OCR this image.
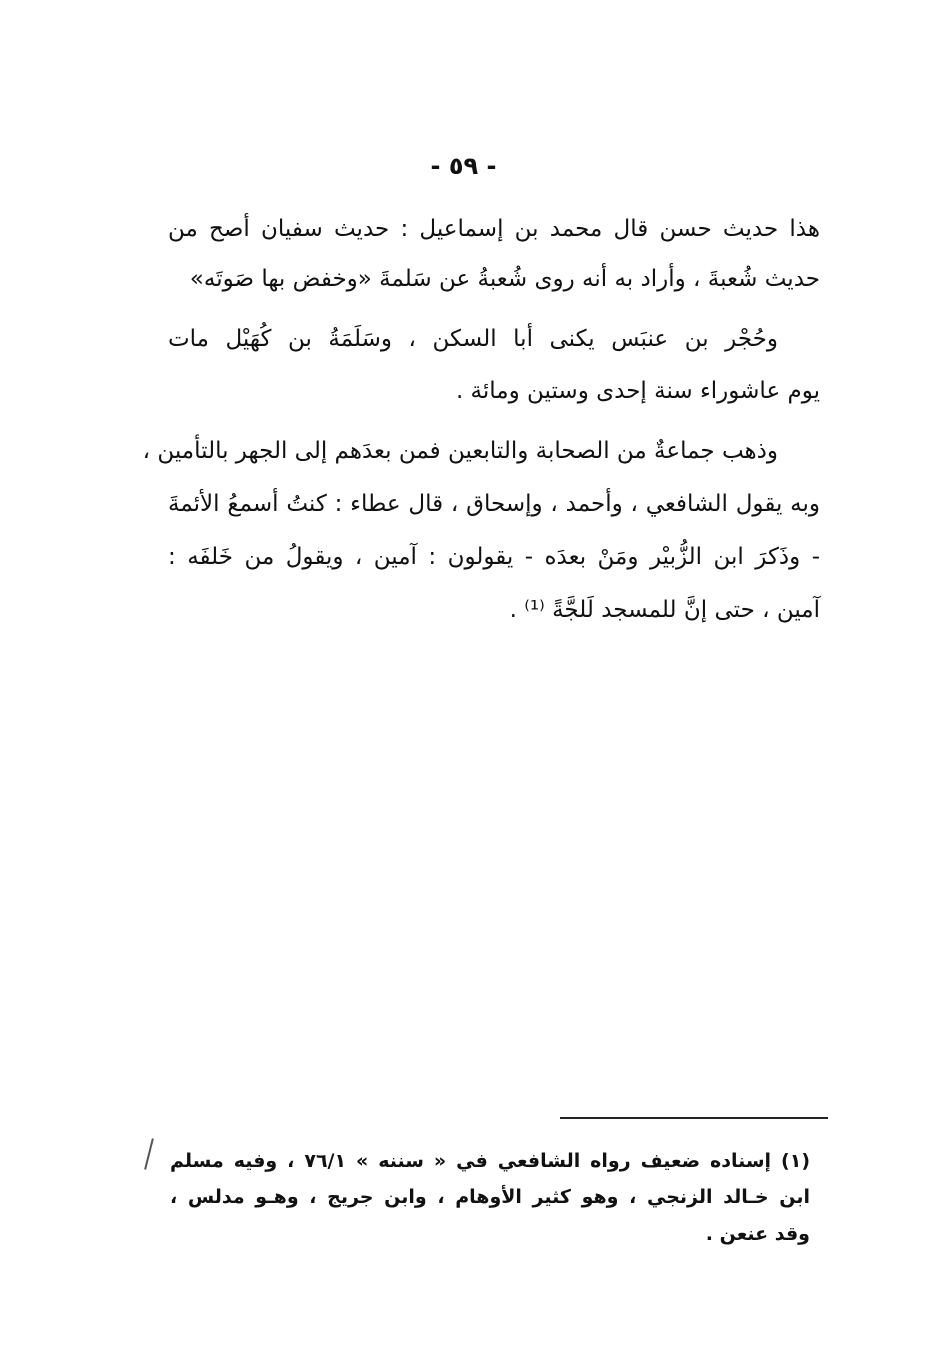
- ٥٩ -
هذا حديث حسن قال محمد بن إسماعيل : حديث سفيان أصح من
حديث شُعبةَ ، وأراد به أنه روى شُعبةُ عن سَلمةَ «وخفض بها صَوتَه»
وحُجْر بن عنبَس يكنى أبا السكن ، وسَلَمَةُ بن كُهَيْل مات
يوم عاشوراء سنة إحدى وستين ومائة .
وذهب جماعةٌ من الصحابة والتابعين فمن بعدَهم إلى الجهر بالتأمين ،
وبه يقول الشافعي ، وأحمد ، وإسحاق ، قال عطاء : كنتُ أسمعُ الأئمةَ
- وذَكرَ ابن الزُّبيْر ومَنْ بعدَه - يقولون : آمين ، ويقولُ من خَلفَه :
آمين ، حتى إنَّ للمسجد لَلجَّةً ⁽¹⁾ .
(١) إسناده ضعيف رواه الشافعي في « سننه » ٧٦/١ ، وفيه مسلم
ابن خـالد الزنجي ، وهو كثير الأوهام ، وابن جريج ، وهـو مدلس ،
وقد عنعن .
